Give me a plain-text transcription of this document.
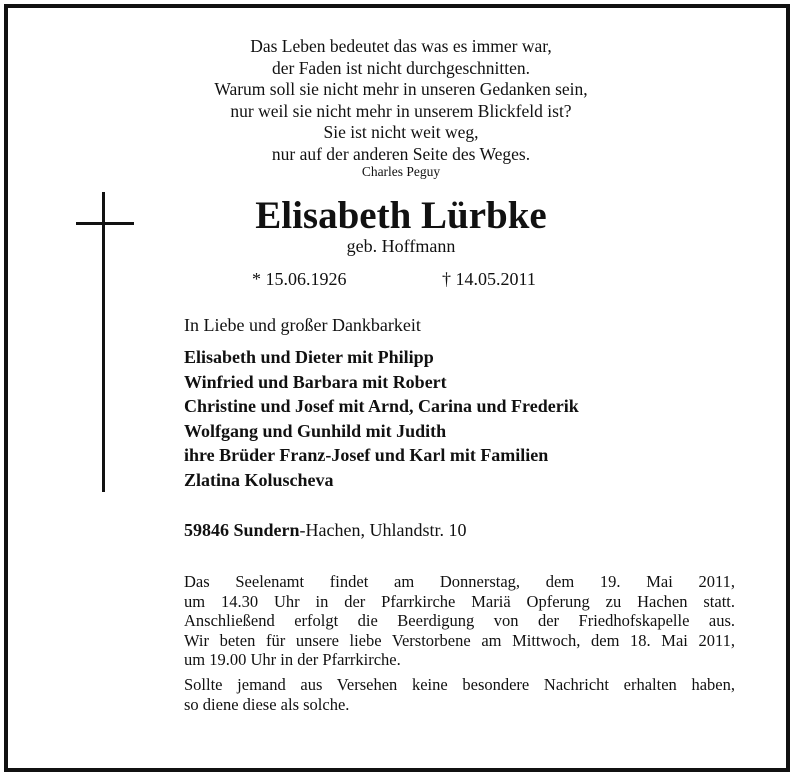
Das Leben bedeutet das was es immer war,
der Faden ist nicht durchgeschnitten.
Warum soll sie nicht mehr in unseren Gedanken sein,
nur weil sie nicht mehr in unserem Blickfeld ist?
Sie ist nicht weit weg,
nur auf der anderen Seite des Weges.
Charles Peguy
Elisabeth Lürbke
geb. Hoffmann
* 15.06.1926	† 14.05.2011
In Liebe und großer Dankbarkeit
Elisabeth und Dieter mit Philipp
Winfried und Barbara mit Robert
Christine und Josef mit Arnd, Carina und Frederik
Wolfgang und Gunhild mit Judith
ihre Brüder Franz-Josef und Karl mit Familien
Zlatina Koluscheva
59846 Sundern-Hachen, Uhlandstr. 10
Das Seelenamt findet am Donnerstag, dem 19. Mai 2011,
um 14.30 Uhr in der Pfarrkirche Mariä Opferung zu Hachen statt.
Anschließend erfolgt die Beerdigung von der Friedhofskapelle aus.
Wir beten für unsere liebe Verstorbene am Mittwoch, dem 18. Mai 2011,
um 19.00 Uhr in der Pfarrkirche.
Sollte jemand aus Versehen keine besondere Nachricht erhalten haben,
so diene diese als solche.
